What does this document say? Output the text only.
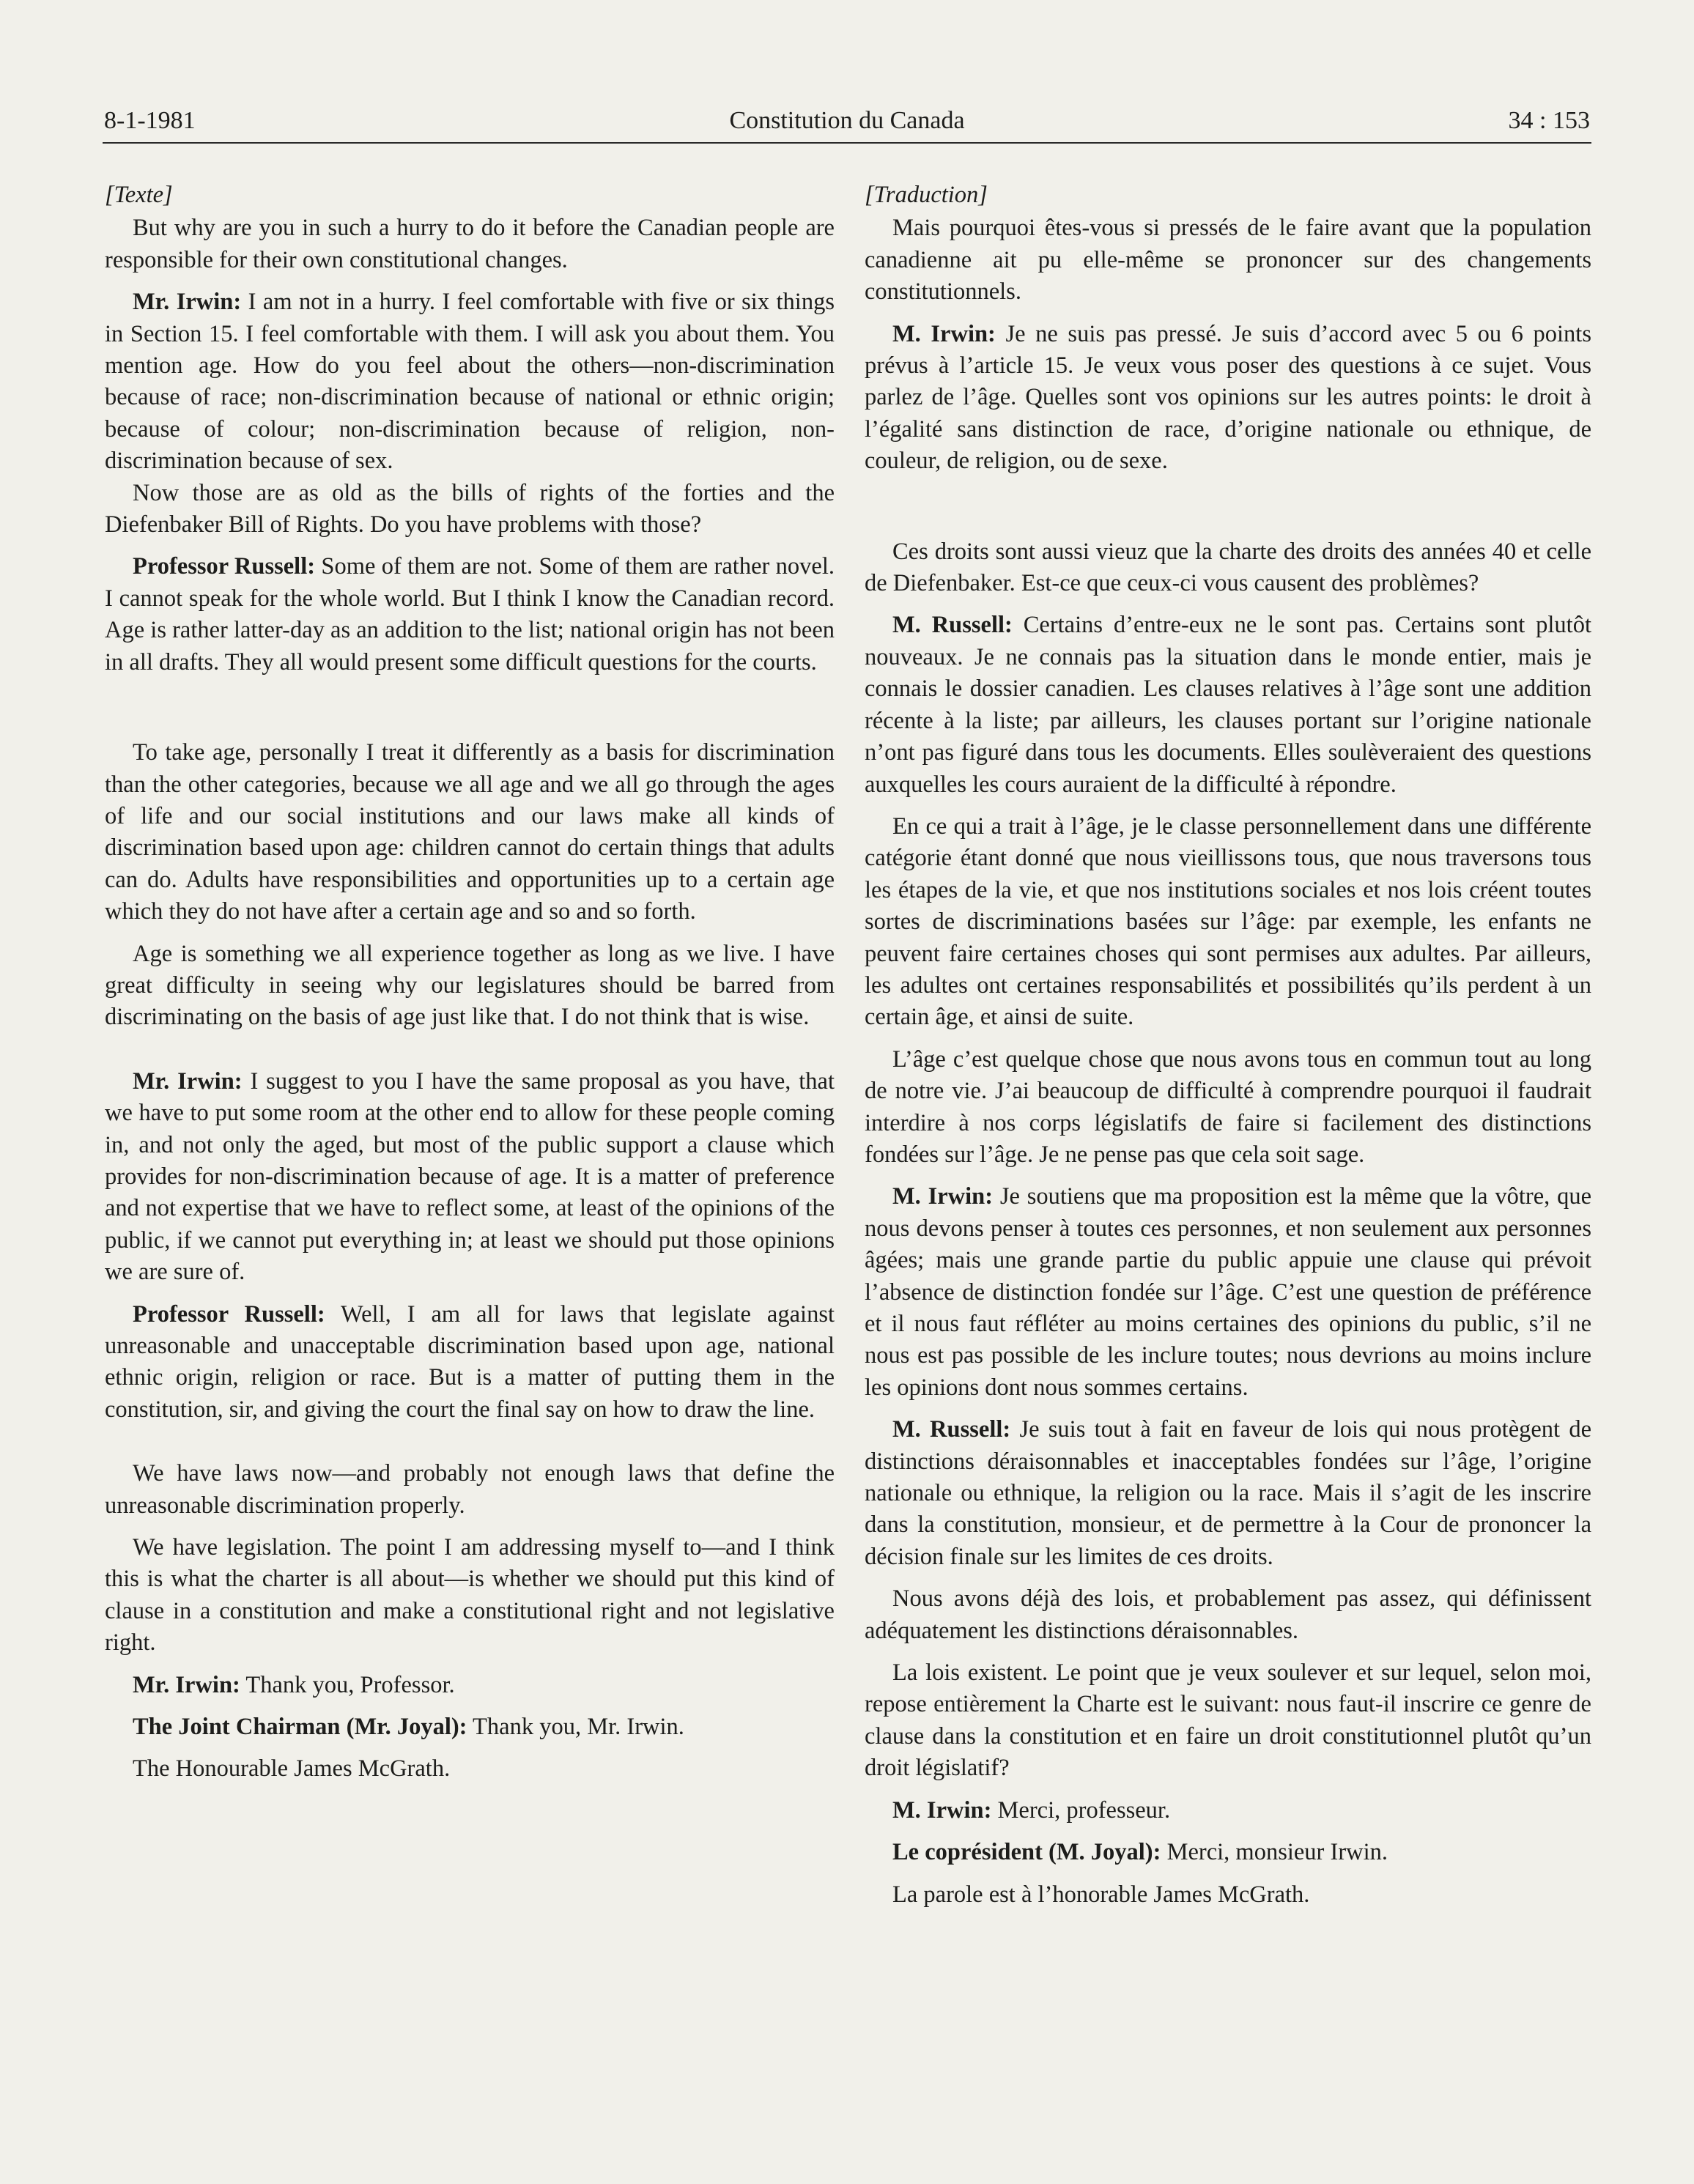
8-1-1981	Constitution du Canada	34 : 153

[Texte]

But why are you in such a hurry to do it before the Canadian people are responsible for their own constitutional changes.

Mr. Irwin: I am not in a hurry. I feel comfortable with five or six things in Section 15. I feel comfortable with them. I will ask you about them. You mention age. How do you feel about the others—non-discrimination because of race; non-discrimination because of national or ethnic origin; because of colour; non-discrimination because of religion, non-discrimination because of sex.

Now those are as old as the bills of rights of the forties and the Diefenbaker Bill of Rights. Do you have problems with those?

Professor Russell: Some of them are not. Some of them are rather novel. I cannot speak for the whole world. But I think I know the Canadian record. Age is rather latter-day as an addition to the list; national origin has not been in all drafts. They all would present some difficult questions for the courts.

To take age, personally I treat it differently as a basis for discrimination than the other categories, because we all age and we all go through the ages of life and our social institutions and our laws make all kinds of discrimination based upon age: children cannot do certain things that adults can do. Adults have responsibilities and opportunities up to a certain age which they do not have after a certain age and so and so forth.

Age is something we all experience together as long as we live. I have great difficulty in seeing why our legislatures should be barred from discriminating on the basis of age just like that. I do not think that is wise.

Mr. Irwin: I suggest to you I have the same proposal as you have, that we have to put some room at the other end to allow for these people coming in, and not only the aged, but most of the public support a clause which provides for non-discrimination because of age. It is a matter of preference and not expertise that we have to reflect some, at least of the opinions of the public, if we cannot put everything in; at least we should put those opinions we are sure of.

Professor Russell: Well, I am all for laws that legislate against unreasonable and unacceptable discrimination based upon age, national ethnic origin, religion or race. But is a matter of putting them in the constitution, sir, and giving the court the final say on how to draw the line.

We have laws now—and probably not enough laws that define the unreasonable discrimination properly.

We have legislation. The point I am addressing myself to—and I think this is what the charter is all about—is whether we should put this kind of clause in a constitution and make a constitutional right and not legislative right.

Mr. Irwin: Thank you, Professor.

The Joint Chairman (Mr. Joyal): Thank you, Mr. Irwin.

The Honourable James McGrath.

[Traduction]

Mais pourquoi êtes-vous si pressés de le faire avant que la population canadienne ait pu elle-même se prononcer sur des changements constitutionnels.

M. Irwin: Je ne suis pas pressé. Je suis d’accord avec 5 ou 6 points prévus à l’article 15. Je veux vous poser des questions à ce sujet. Vous parlez de l’âge. Quelles sont vos opinions sur les autres points: le droit à l’égalité sans distinction de race, d’origine nationale ou ethnique, de couleur, de religion, ou de sexe.

Ces droits sont aussi vieuz que la charte des droits des années 40 et celle de Diefenbaker. Est-ce que ceux-ci vous causent des problèmes?

M. Russell: Certains d’entre-eux ne le sont pas. Certains sont plutôt nouveaux. Je ne connais pas la situation dans le monde entier, mais je connais le dossier canadien. Les clauses relatives à l’âge sont une addition récente à la liste; par ailleurs, les clauses portant sur l’origine nationale n’ont pas figuré dans tous les documents. Elles soulèveraient des questions auxquelles les cours auraient de la difficulté à répondre.

En ce qui a trait à l’âge, je le classe personnellement dans une différente catégorie étant donné que nous vieillissons tous, que nous traversons tous les étapes de la vie, et que nos institutions sociales et nos lois créent toutes sortes de discriminations basées sur l’âge: par exemple, les enfants ne peuvent faire certaines choses qui sont permises aux adultes. Par ailleurs, les adultes ont certaines responsabilités et possibilités qu’ils perdent à un certain âge, et ainsi de suite.

L’âge c’est quelque chose que nous avons tous en commun tout au long de notre vie. J’ai beaucoup de difficulté à comprendre pourquoi il faudrait interdire à nos corps législatifs de faire si facilement des distinctions fondées sur l’âge. Je ne pense pas que cela soit sage.

M. Irwin: Je soutiens que ma proposition est la même que la vôtre, que nous devons penser à toutes ces personnes, et non seulement aux personnes âgées; mais une grande partie du public appuie une clause qui prévoit l’absence de distinction fondée sur l’âge. C’est une question de préférence et il nous faut réfléter au moins certaines des opinions du public, s’il ne nous est pas possible de les inclure toutes; nous devrions au moins inclure les opinions dont nous sommes certains.

M. Russell: Je suis tout à fait en faveur de lois qui nous protègent de distinctions déraisonnables et inacceptables fondées sur l’âge, l’origine nationale ou ethnique, la religion ou la race. Mais il s’agit de les inscrire dans la constitution, monsieur, et de permettre à la Cour de prononcer la décision finale sur les limites de ces droits.

Nous avons déjà des lois, et probablement pas assez, qui définissent adéquatement les distinctions déraisonnables.

La lois existent. Le point que je veux soulever et sur lequel, selon moi, repose entièrement la Charte est le suivant: nous faut-il inscrire ce genre de clause dans la constitution et en faire un droit constitutionnel plutôt qu’un droit législatif?

M. Irwin: Merci, professeur.

Le coprésident (M. Joyal): Merci, monsieur Irwin.

La parole est à l’honorable James McGrath.
